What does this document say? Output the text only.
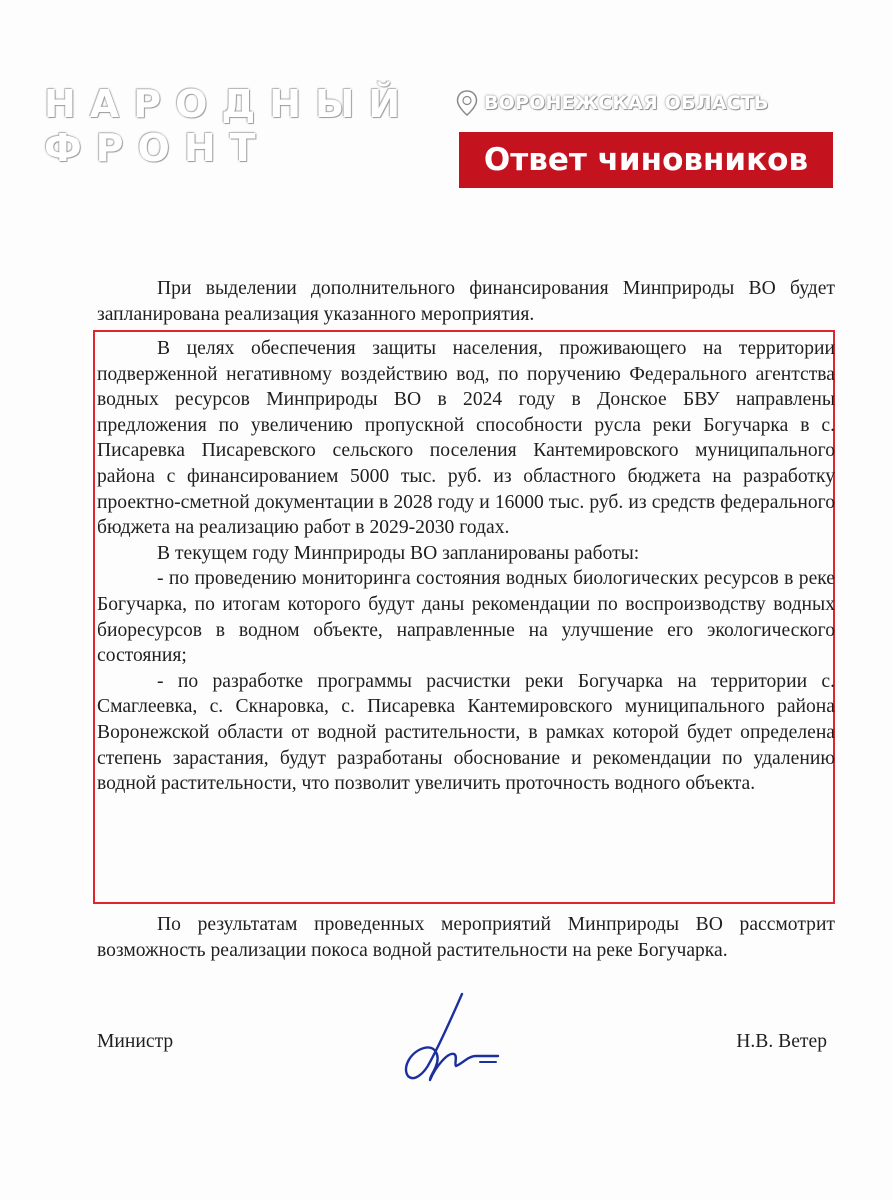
НАРОДНЫЙ
ФРОНТ
ВОРОНЕЖСКАЯ ОБЛАСТЬ
Ответ чиновников
При выделении дополнительного финансирования Минприроды ВО будет запланирована реализация указанного мероприятия.

В целях обеспечения защиты населения, проживающего на территории подверженной негативному воздействию вод, по поручению Федерального агентства водных ресурсов Минприроды ВО в 2024 году в Донское БВУ направлены предложения по увеличению пропускной способности русла реки Богучарка в с. Писаревка Писаревского сельского поселения Кантемировского муниципального района с финансированием 5000 тыс. руб. из областного бюджета на разработку проектно-сметной документации в 2028 году и 16000 тыс. руб. из средств федерального бюджета на реализацию работ в 2029-2030 годах.

В текущем году Минприроды ВО запланированы работы:

- по проведению мониторинга состояния водных биологических ресурсов в реке Богучарка, по итогам которого будут даны рекомендации по воспроизводству водных биоресурсов в водном объекте, направленные на улучшение его экологического состояния;

- по разработке программы расчистки реки Богучарка на территории с. Смаглеевка, с. Скнаровка, с. Писаревка Кантемировского муниципального района Воронежской области от водной растительности, в рамках которой будет определена степень зарастания, будут разработаны обоснование и рекомендации по удалению водной растительности, что позволит увеличить проточность водного объекта.

По результатам проведенных мероприятий Минприроды ВО рассмотрит возможность реализации покоса водной растительности на реке Богучарка.
Министр	Н.В. Ветер
